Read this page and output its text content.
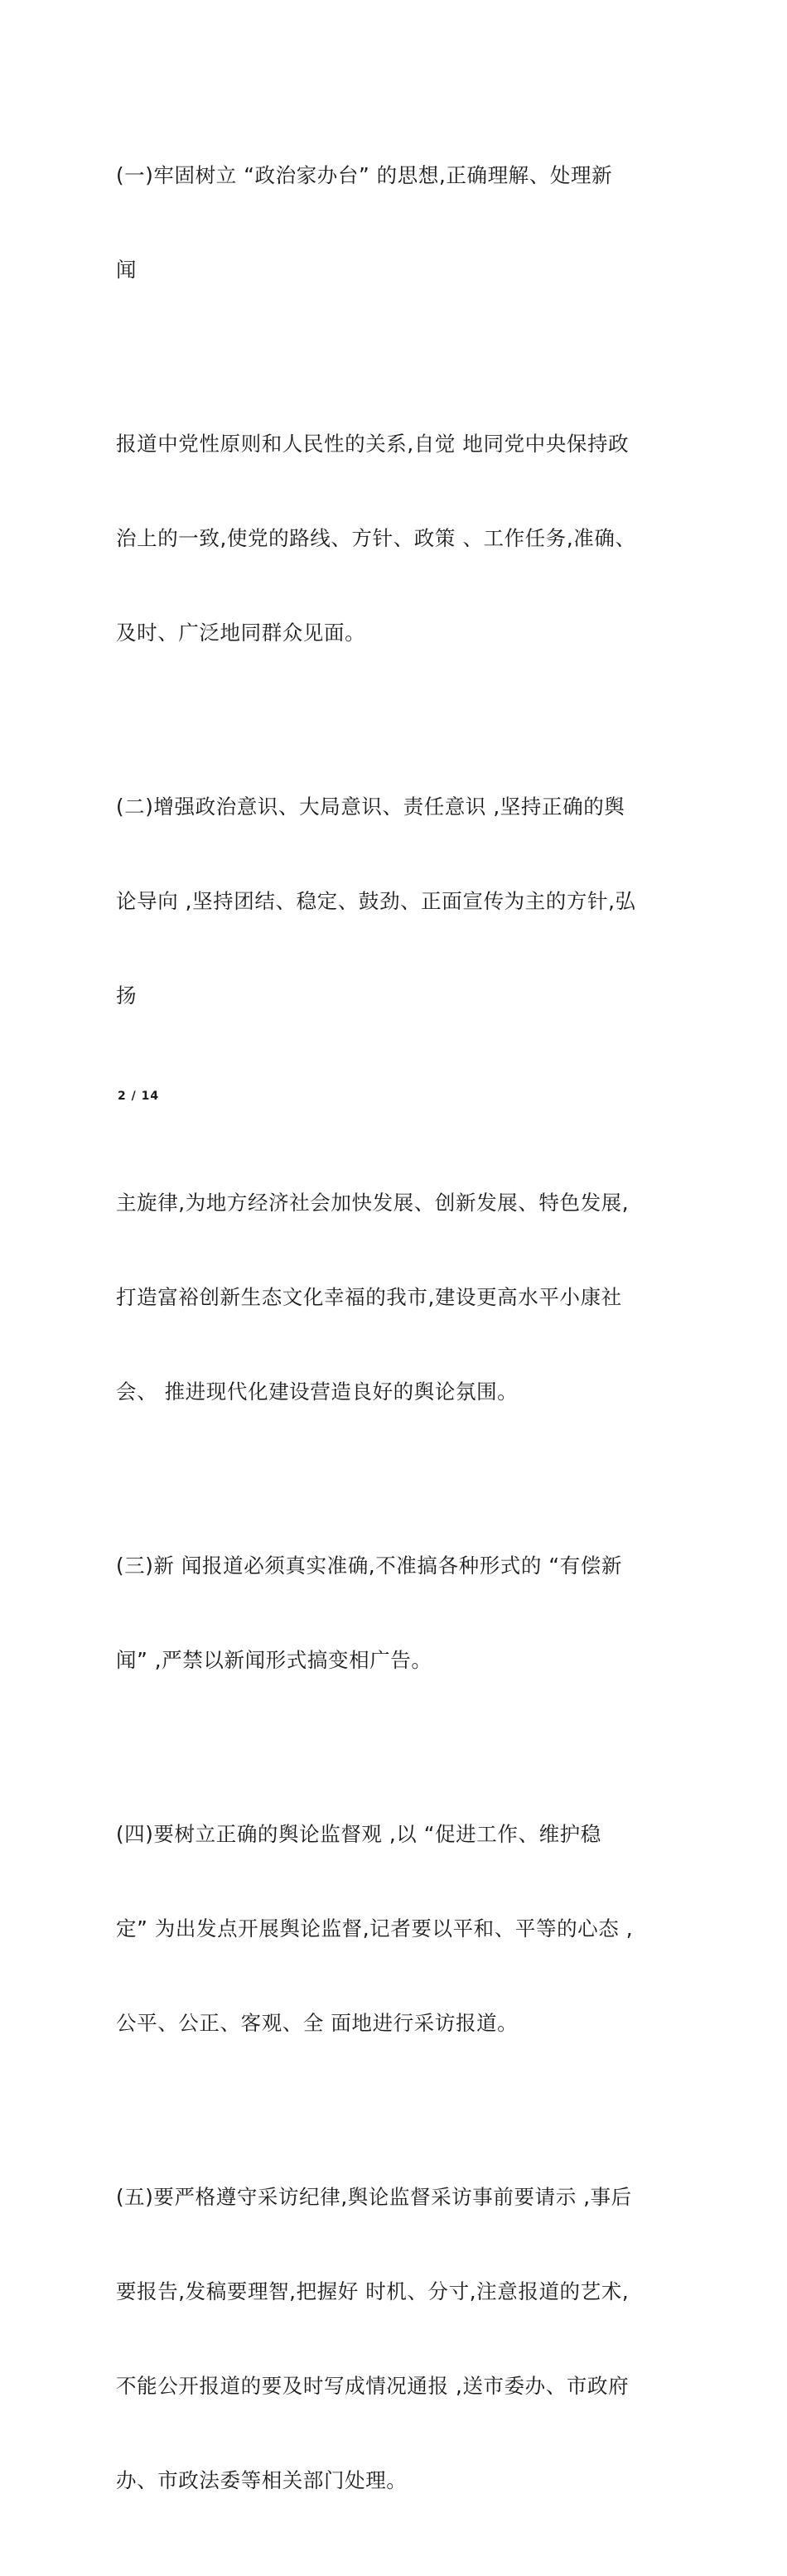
(一)牢固树立 “政治家办台” 的思想,正确理解、处理新

闻

报道中党性原则和人民性的关系,自觉 地同党中央保持政

治上的一致,使党的路线、方针、政策 、工作任务,准确、

及时、广泛地同群众见面。

(二)增强政治意识、大局意识、责任意识 ,坚持正确的舆

论导向 ,坚持团结、稳定、鼓劲、正面宣传为主的方针,弘

扬

2 / 14

主旋律,为地方经济社会加快发展、创新发展、特色发展,

打造富裕创新生态文化幸福的我市,建设更高水平小康社

会、 推进现代化建设营造良好的舆论氛围。

(三)新 闻报道必须真实准确,不准搞各种形式的 “有偿新

闻” ,严禁以新闻形式搞变相广告。

(四)要树立正确的舆论监督观 ,以 “促进工作、维护稳

定” 为出发点开展舆论监督,记者要以平和、平等的心态 ,

公平、公正、客观、全 面地进行采访报道。

(五)要严格遵守采访纪律,舆论监督采访事前要请示 ,事后

要报告,发稿要理智,把握好 时机、分寸,注意报道的艺术,

不能公开报道的要及时写成情况通报 ,送市委办、市政府

办、市政法委等相关部门处理。
